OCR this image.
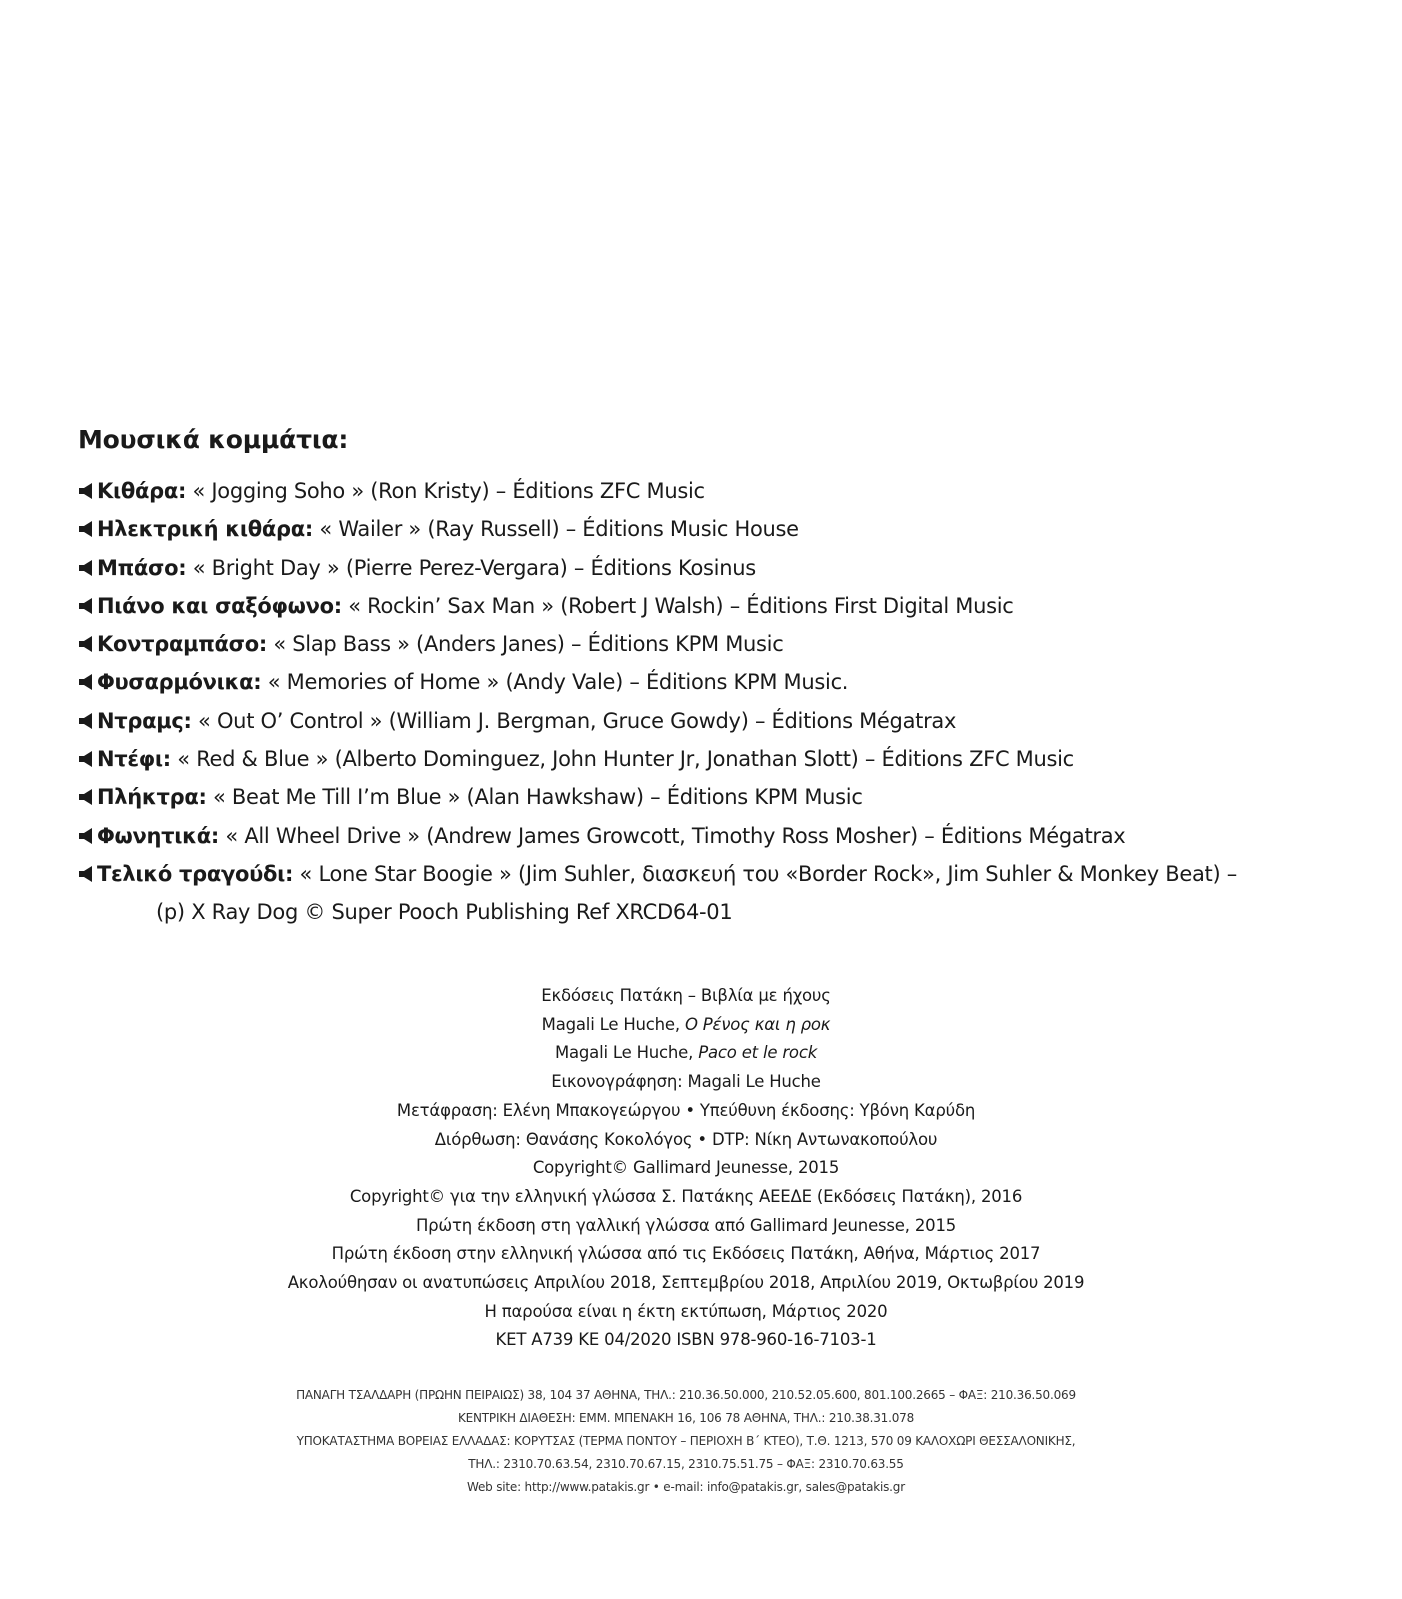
Μουσικά κομμάτια:
Κιθάρα: « Jogging Soho » (Ron Kristy) – Éditions ZFC Music
Ηλεκτρική κιθάρα: « Wailer » (Ray Russell) – Éditions Music House
Μπάσο: « Bright Day » (Pierre Perez-Vergara) – Éditions Kosinus
Πιάνο και σαξόφωνο: « Rockin’ Sax Man » (Robert J Walsh) – Éditions First Digital Music
Κοντραμπάσο: « Slap Bass » (Anders Janes) – Éditions KPM Music
Φυσαρμόνικα: « Memories of Home » (Andy Vale) – Éditions KPM Music.
Ντραμς: « Out O’ Control » (William J. Bergman, Gruce Gowdy) – Éditions Mégatrax
Ντέφι: « Red & Blue » (Alberto Dominguez, John Hunter Jr, Jonathan Slott) – Éditions ZFC Music
Πλήκτρα: « Beat Me Till I’m Blue » (Alan Hawkshaw) – Éditions KPM Music
Φωνητικά: « All Wheel Drive » (Andrew James Growcott, Timothy Ross Mosher) – Éditions Mégatrax
Τελικό τραγούδι: « Lone Star Boogie » (Jim Suhler, διασκευή του «Border Rock», Jim Suhler & Monkey Beat) –
(p) X Ray Dog © Super Pooch Publishing Ref XRCD64-01
Εκδόσεις Πατάκη – Βιβλία με ήχους
Magali Le Huche, Ο Ρένος και η ροκ
Magali Le Huche, Paco et le rock
Εικονογράφηση: Magali Le Huche
Μετάφραση: Ελένη Μπακογεώργου • Υπεύθυνη έκδοσης: Υβόνη Καρύδη
Διόρθωση: Θανάσης Κοκολόγος • DTP: Νίκη Αντωνακοπούλου
Copyright© Gallimard Jeunesse, 2015
Copyright© για την ελληνική γλώσσα Σ. Πατάκης ΑΕΕΔΕ (Εκδόσεις Πατάκη), 2016
Πρώτη έκδοση στη γαλλική γλώσσα από Gallimard Jeunesse, 2015
Πρώτη έκδοση στην ελληνική γλώσσα από τις Εκδόσεις Πατάκη, Αθήνα, Μάρτιος 2017
Ακολούθησαν οι ανατυπώσεις Απριλίου 2018, Σεπτεμβρίου 2018, Απριλίου 2019, Οκτωβρίου 2019
Η παρούσα είναι η έκτη εκτύπωση, Μάρτιος 2020
ΚΕΤ Α739 ΚΕ 04/2020 ISBN 978-960-16-7103-1
ΠΑΝΑΓΗ ΤΣΑΛΔΑΡΗ (ΠΡΩΗΝ ΠΕΙΡΑΙΩΣ) 38, 104 37 ΑΘΗΝΑ, ΤΗΛ.: 210.36.50.000, 210.52.05.600, 801.100.2665 – ΦΑΞ: 210.36.50.069
ΚΕΝΤΡΙΚΗ ΔΙΑΘΕΣΗ: ΕΜΜ. ΜΠΕΝΑΚΗ 16, 106 78 ΑΘΗΝΑ, ΤΗΛ.: 210.38.31.078
ΥΠΟΚΑΤΑΣΤΗΜΑ ΒΟΡΕΙΑΣ ΕΛΛΑΔΑΣ: ΚΟΡΥΤΣΑΣ (ΤΕΡΜΑ ΠΟΝΤΟΥ – ΠΕΡΙΟΧΗ Β΄ ΚΤΕΟ), Τ.Θ. 1213, 570 09 ΚΑΛΟΧΩΡΙ ΘΕΣΣΑΛΟΝΙΚΗΣ,
ΤΗΛ.: 2310.70.63.54, 2310.70.67.15, 2310.75.51.75 – ΦΑΞ: 2310.70.63.55
Web site: http://www.patakis.gr • e-mail: info@patakis.gr, sales@patakis.gr
